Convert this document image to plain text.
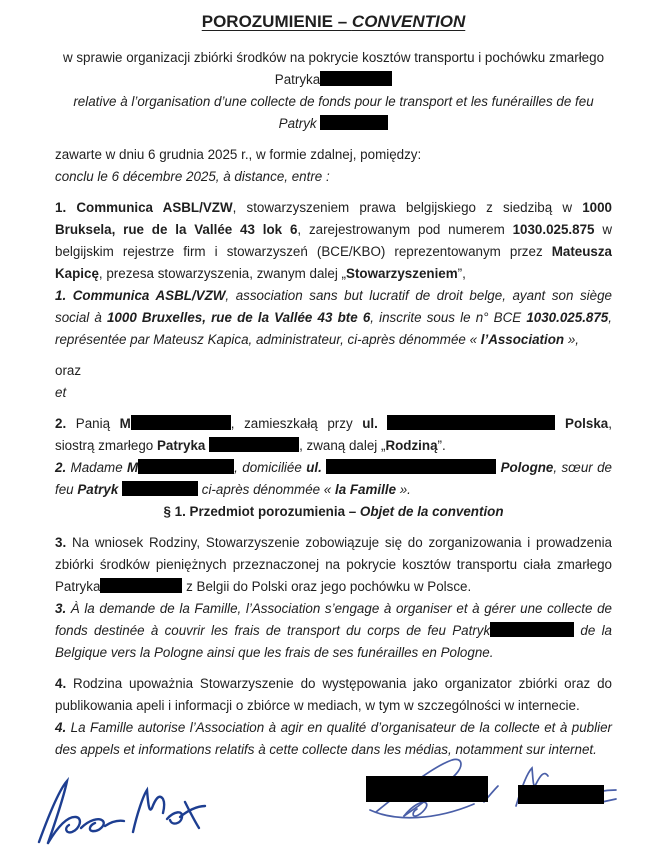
POROZUMIENIE – CONVENTION

w sprawie organizacji zbiórki środków na pokrycie kosztów transportu i pochówku zmarłego

Patryka

relative à l’organisation d’une collecte de fonds pour le transport et les funérailles de feu

Patryk

zawarte w dniu 6 grudnia 2025 r., w formie zdalnej, pomiędzy:

conclu le 6 décembre 2025, à distance, entre :

1. Communica ASBL/VZW, stowarzyszeniem prawa belgijskiego z siedzibą w 1000 Bruksela, rue de la Vallée 43 lok 6, zarejestrowanym pod numerem 1030.025.875 w belgijskim rejestrze firm i stowarzyszeń (BCE/KBO) reprezentowanym przez Mateusza Kapicę, prezesa stowarzyszenia, zwanym dalej „Stowarzyszeniem”,

1. Communica ASBL/VZW, association sans but lucratif de droit belge, ayant son siège social à 1000 Bruxelles, rue de la Vallée 43 bte 6, inscrite sous le n° BCE 1030.025.875, représentée par Mateusz Kapica, administrateur, ci-après dénommée « l’Association »,

oraz

et

2. Panią M	, zamieszkałą przy ul.	Polska, siostrą zmarłego Patryka	, zwaną dalej „Rodziną”.

2. Madame M	, domiciliée ul.	Pologne, sœur de feu Patryk	ci-après dénommée « la Famille ».

§ 1. Przedmiot porozumienia – Objet de la convention

3. Na wniosek Rodziny, Stowarzyszenie zobowiązuje się do zorganizowania i prowadzenia zbiórki środków pieniężnych przeznaczonej na pokrycie kosztów transportu ciała zmarłego Patryka	z Belgii do Polski oraz jego pochówku w Polsce.

3. À la demande de la Famille, l’Association s’engage à organiser et à gérer une collecte de fonds destinée à couvrir les frais de transport du corps de feu Patryk	de la Belgique vers la Pologne ainsi que les frais de ses funérailles en Pologne.

4. Rodzina upoważnia Stowarzyszenie do występowania jako organizator zbiórki oraz do publikowania apeli i informacji o zbiórce w mediach, w tym w szczególności w internecie.

4. La Famille autorise l’Association à agir en qualité d’organisateur de la collecte et à publier des appels et informations relatifs à cette collecte dans les médias, notamment sur internet.
